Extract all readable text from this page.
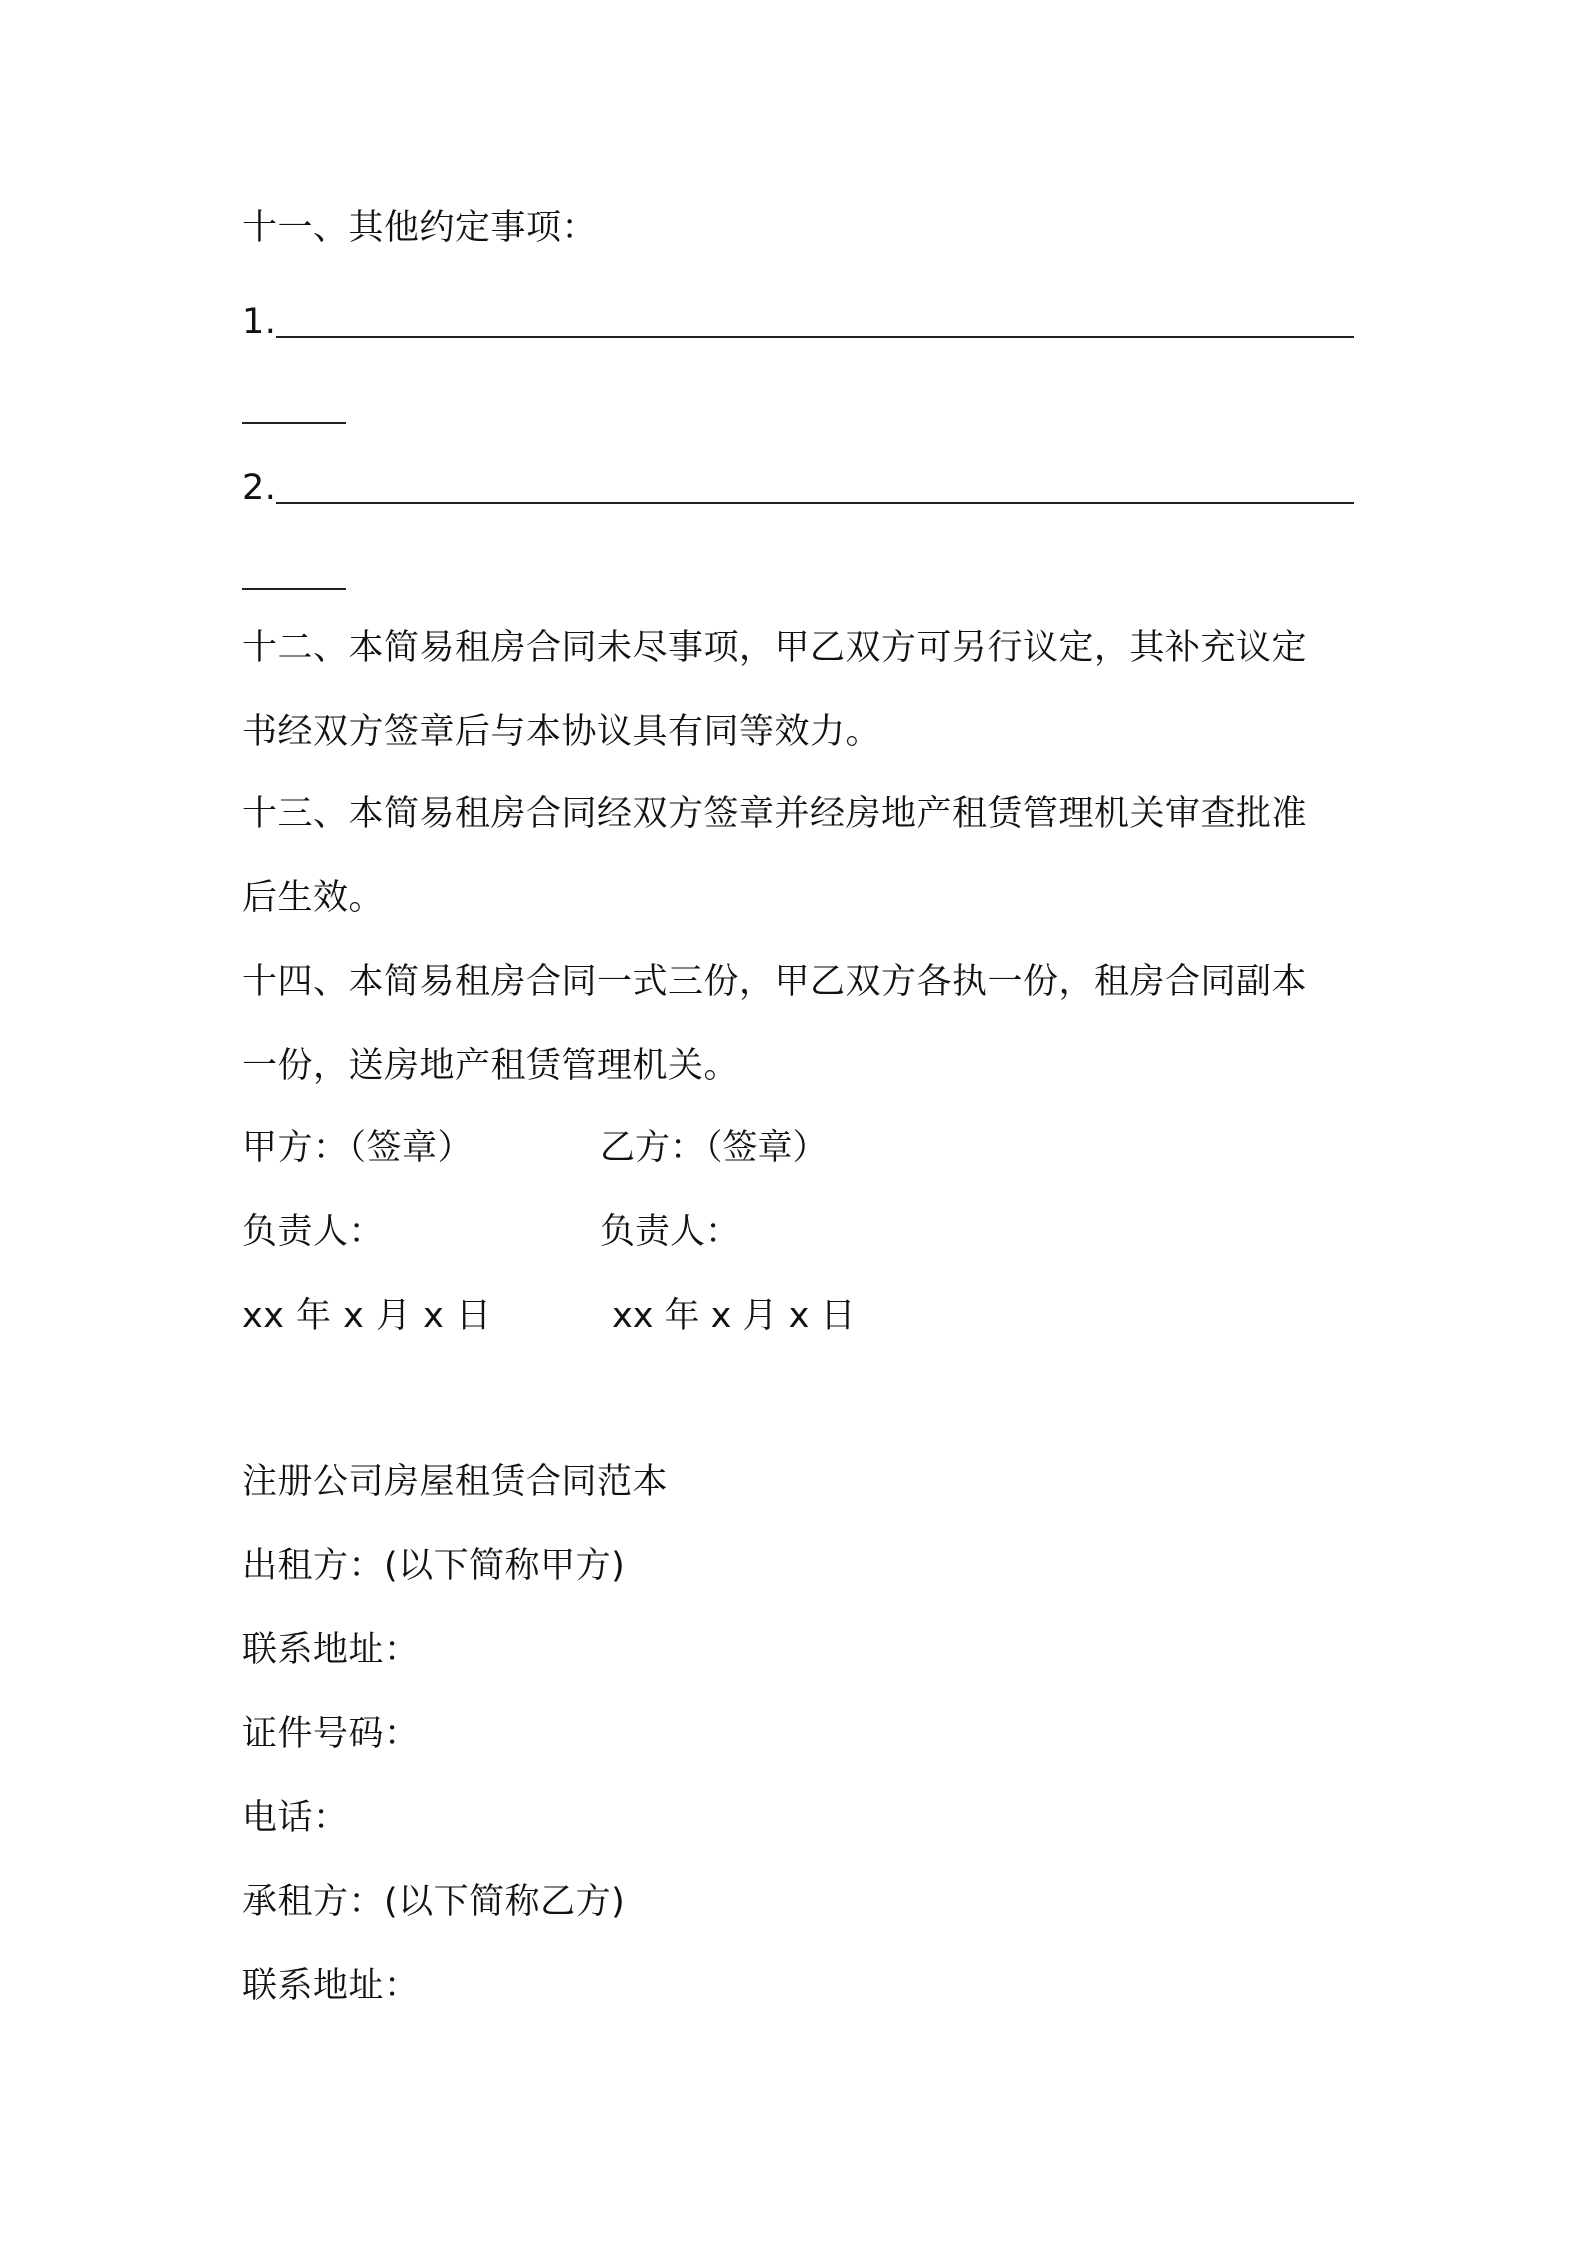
十一、其他约定事项：
1.
2.
十二、本简易租房合同未尽事项，甲乙双方可另行议定，其补充议定
书经双方签章后与本协议具有同等效力。
十三、本简易租房合同经双方签章并经房地产租赁管理机关审查批准
后生效。
十四、本简易租房合同一式三份，甲乙双方各执一份，租房合同副本
一份，送房地产租赁管理机关。
甲方：（签章）	乙方：（签章）
负责人：	负责人：
xx 年 x 月 x 日	xx 年 x 月 x 日
注册公司房屋租赁合同范本
出租方：(以下简称甲方)
联系地址：
证件号码：
电话：
承租方：(以下简称乙方)
联系地址：
